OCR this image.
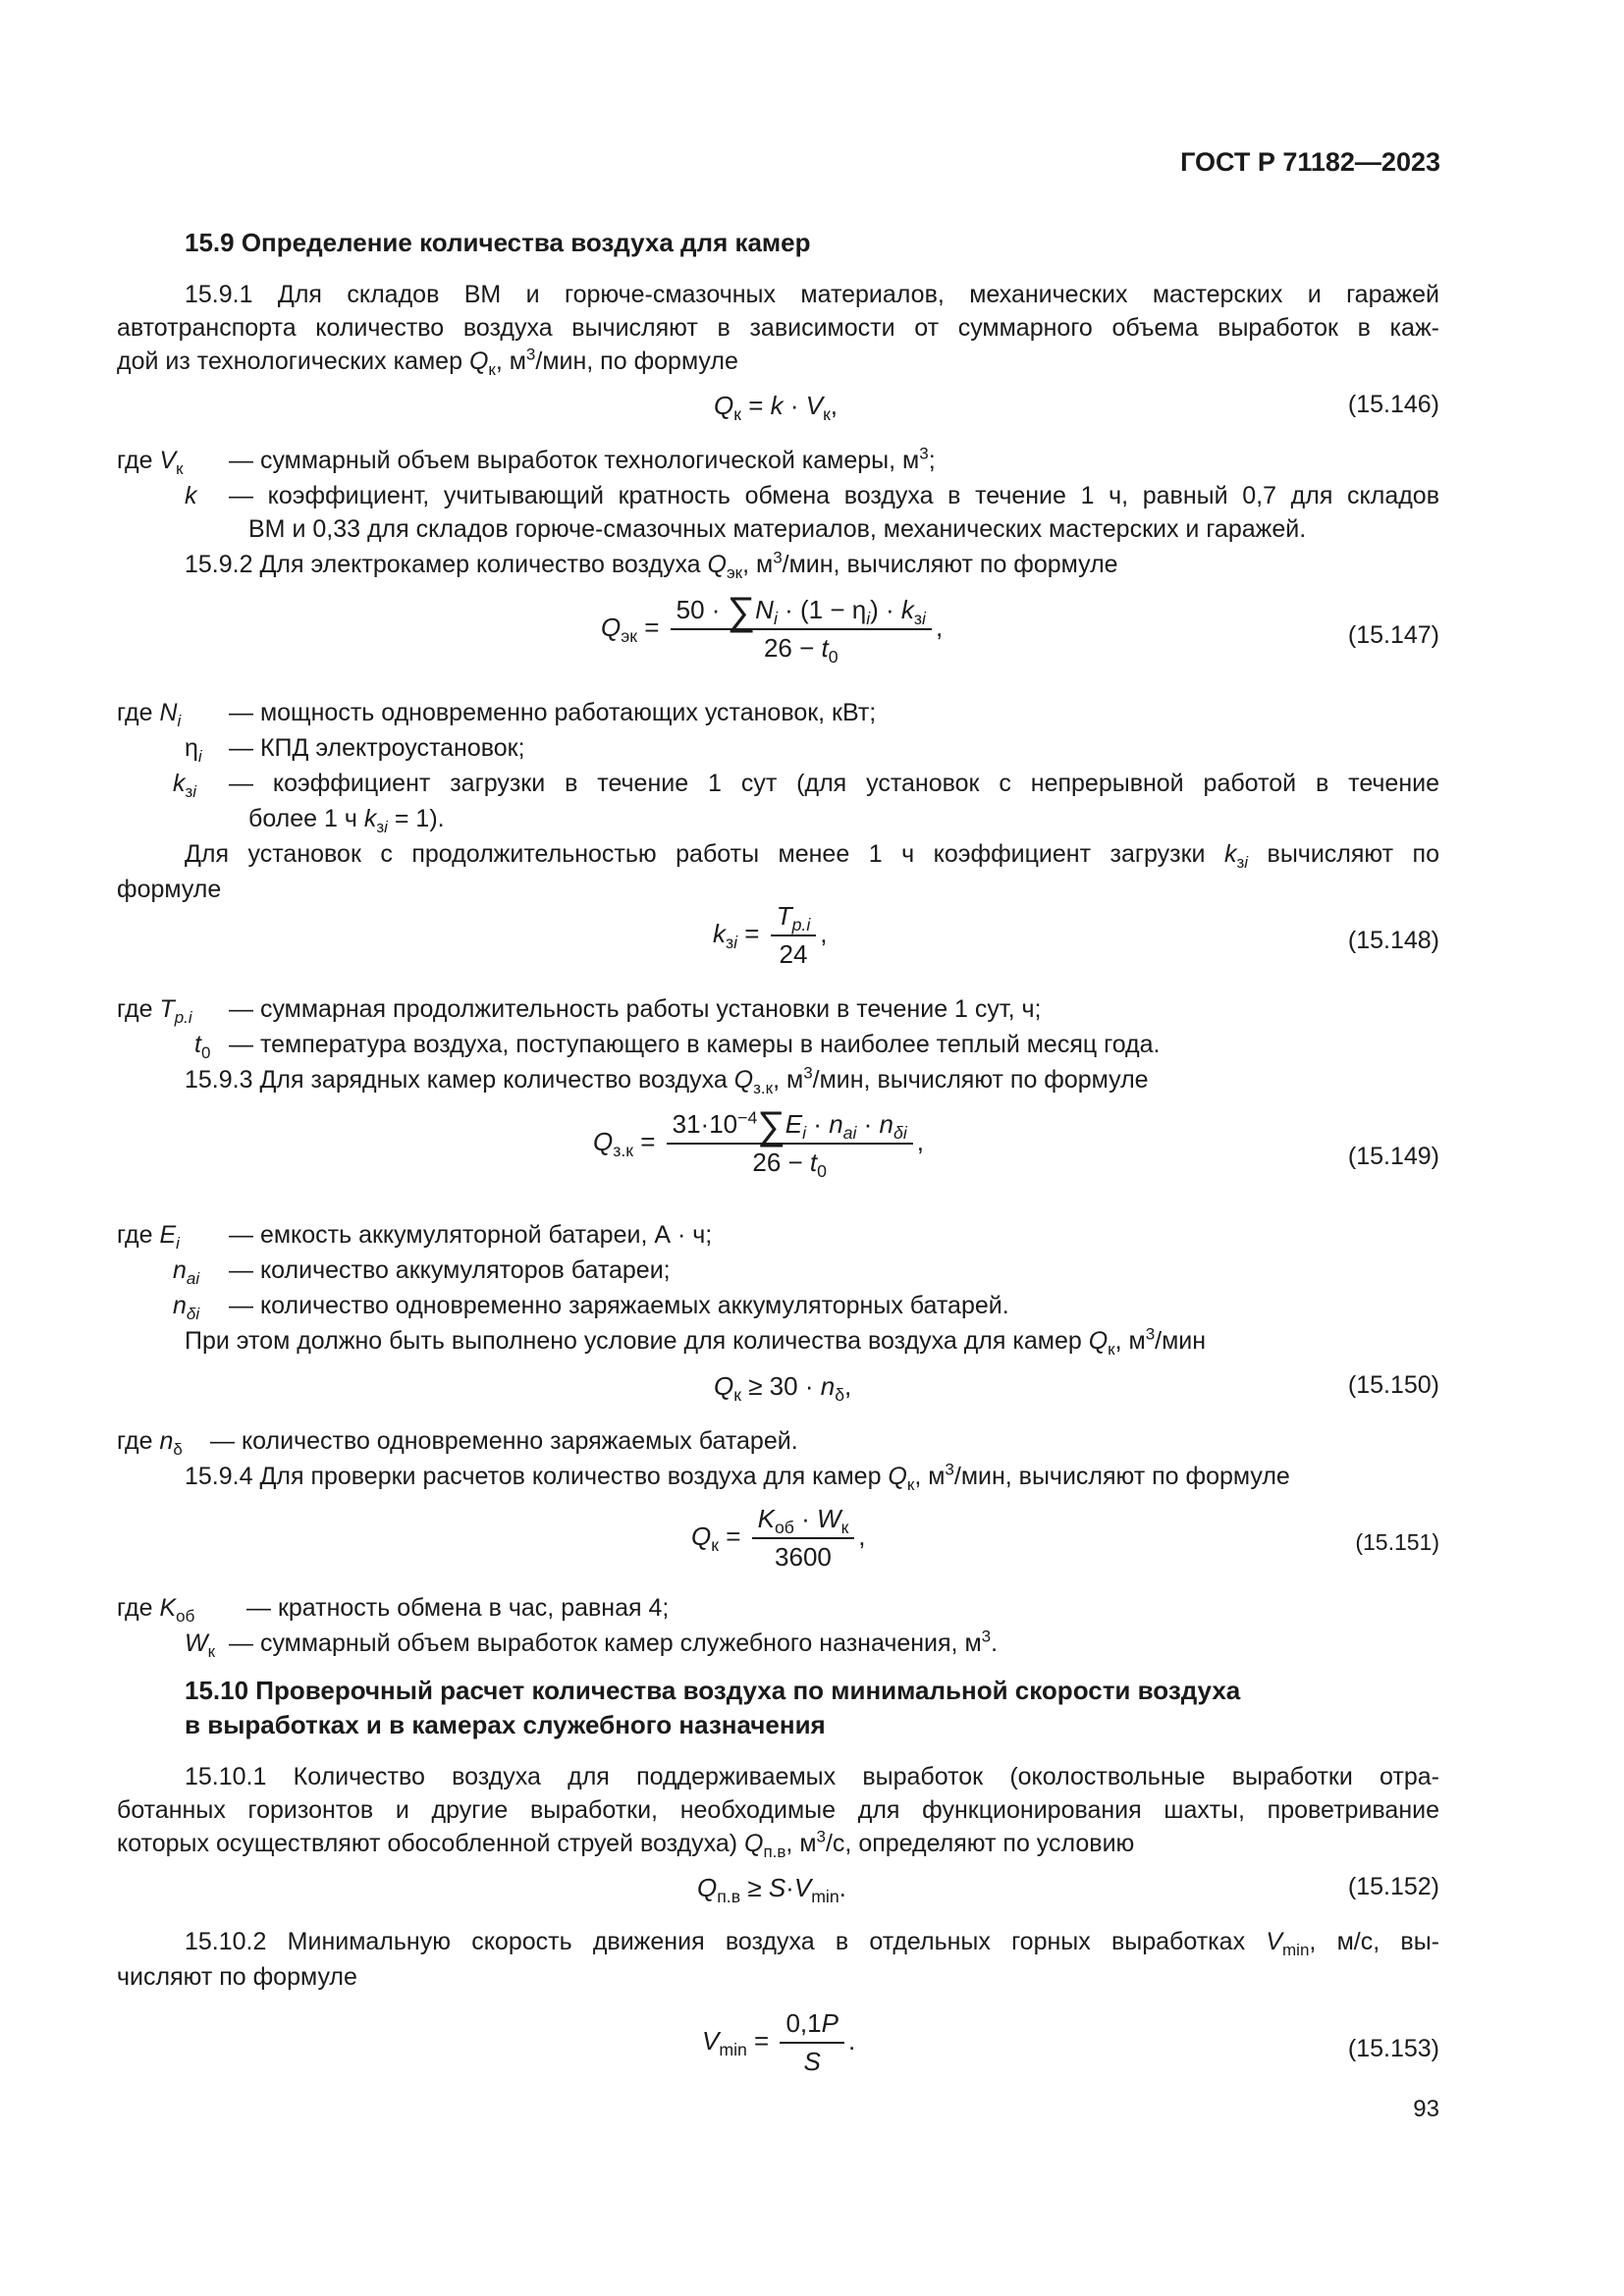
ГОСТ Р 71182—2023
15.9 Определение количества воздуха для камер
15.9.1 Для складов ВМ и горюче-смазочных материалов, механических мастерских и гаражей
автотранспорта количество воздуха вычисляют в зависимости от суммарного объема выработок в каж-
дой из технологических камер $Q_к$, $м^3$/мин, по формуле
$Q_к = k \cdot V_к$,	(15.146)
где $V_к$ — суммарный объем выработок технологической камеры, $м^3$;
k — коэффициент, учитывающий кратность обмена воздуха в течение 1 ч, равный 0,7 для складов
ВМ и 0,33 для складов горюче-смазочных материалов, механических мастерских и гаражей.
15.9.2 Для электрокамер количество воздуха $Q_{эк}$, $м^3$/мин, вычисляют по формуле
$Q_{эк} = \frac{50 \cdot \sum N_i \cdot (1 - \eta_i) \cdot k_{зi}}{26 - t_0}$ ,	(15.147)
где $N_i$ — мощность одновременно работающих установок, кВт;
$\eta_i$ — КПД электроустановок;
$k_{зi}$ — коэффициент загрузки в течение 1 сут (для установок с непрерывной работой в течение
более 1 ч $k_{зi} = 1$).
Для установок с продолжительностью работы менее 1 ч коэффициент загрузки $k_{зi}$ вычисляют по
формуле
$k_{зi} = \frac{T_{p.i}}{24}$ ,	(15.148)
где $T_{p.i}$ — суммарная продолжительность работы установки в течение 1 сут, ч;
$t_0$ — температура воздуха, поступающего в камеры в наиболее теплый месяц года.
15.9.3 Для зарядных камер количество воздуха $Q_{з.к}$, $м^3$/мин, вычисляют по формуле
$Q_{з.к} = \frac{31\cdot 10^{-4}\sum E_i \cdot n_{ai} \cdot n_{\delta i}}{26 - t_0}$ ,
(15.149)
где $E_i$ — емкость аккумуляторной батареи, А · ч;
$n_{ai}$ — количество аккумуляторов батареи;
$n_{\delta i}$ — количество одновременно заряжаемых аккумуляторных батарей.
При этом должно быть выполнено условие для количества воздуха для камер $Q_к$, $м^3$/мин
$Q_к \ge 30 \cdot n_\delta$,	(15.150)
где $n_\delta$ — количество одновременно заряжаемых батарей.
15.9.4 Для проверки расчетов количество воздуха для камер $Q_к$, $м^3$/мин, вычисляют по формуле
$Q_к = \frac{K_{об} \cdot W_к}{3600}$ ,	(15.151)
где $K_{об}$ — кратность обмена в час, равная 4;
$W_к$ — суммарный объем выработок камер служебного назначения, $м^3$.
15.10 Проверочный расчет количества воздуха по минимальной скорости воздуха
в выработках и в камерах служебного назначения
15.10.1 Количество воздуха для поддерживаемых выработок (околоствольные выработки отра-
ботанных горизонтов и другие выработки, необходимые для функционирования шахты, проветривание
которых осуществляют обособленной струей воздуха) $Q_{п.в}$, $м^3/с$, определяют по условию
$Q_{п.в} \ge S\cdot V_{min}$.	(15.152)
15.10.2 Минимальную скорость движения воздуха в отдельных горных выработках $V_{min}$, м/с, вы-
числяют по формуле
$V_{min} = \frac{0,1P}{S}$ .	(15.153)
93
